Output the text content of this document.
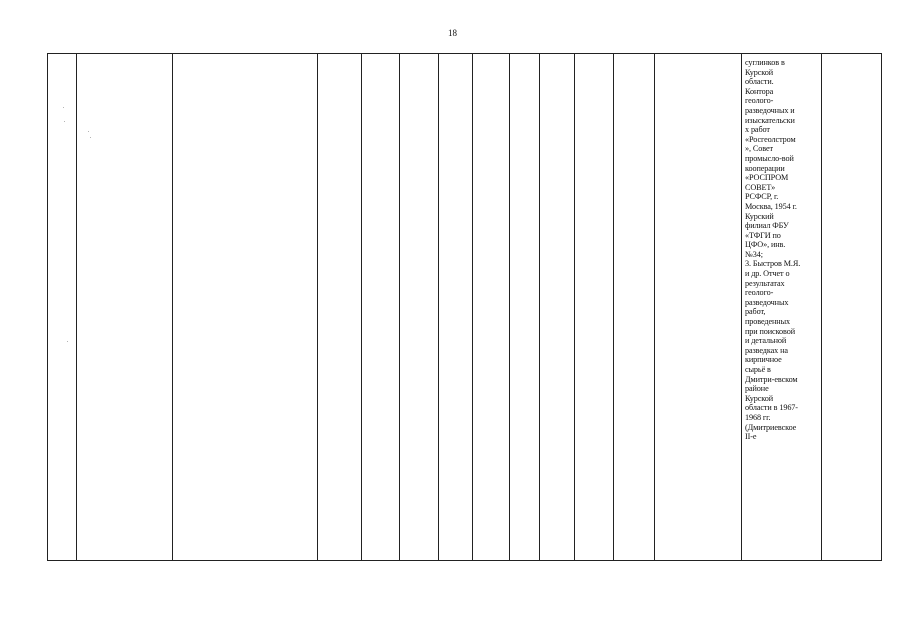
18

суглинков в
Курской
области.
Контора
геолого-
разведочных и
изыскательски
х работ
«Росгеолстром
», Совет
промысло-вой
кооперации
«РОСПРОМ
СОВЕТ»
РСФСР, г.
Москва, 1954 г.
Курский
филиал ФБУ
«ТФГИ по
ЦФО», инв.
№34;
3. Быстров М.Я.
и др. Отчет о
результатах
геолого-
разведочных
работ,
проведенных
при поисковой
и детальной
разведках на
кирпичное
сырьё в
Дмитри-евском
районе
Курской
области в 1967-
1968 гг.
(Дмитриевское
II-е
